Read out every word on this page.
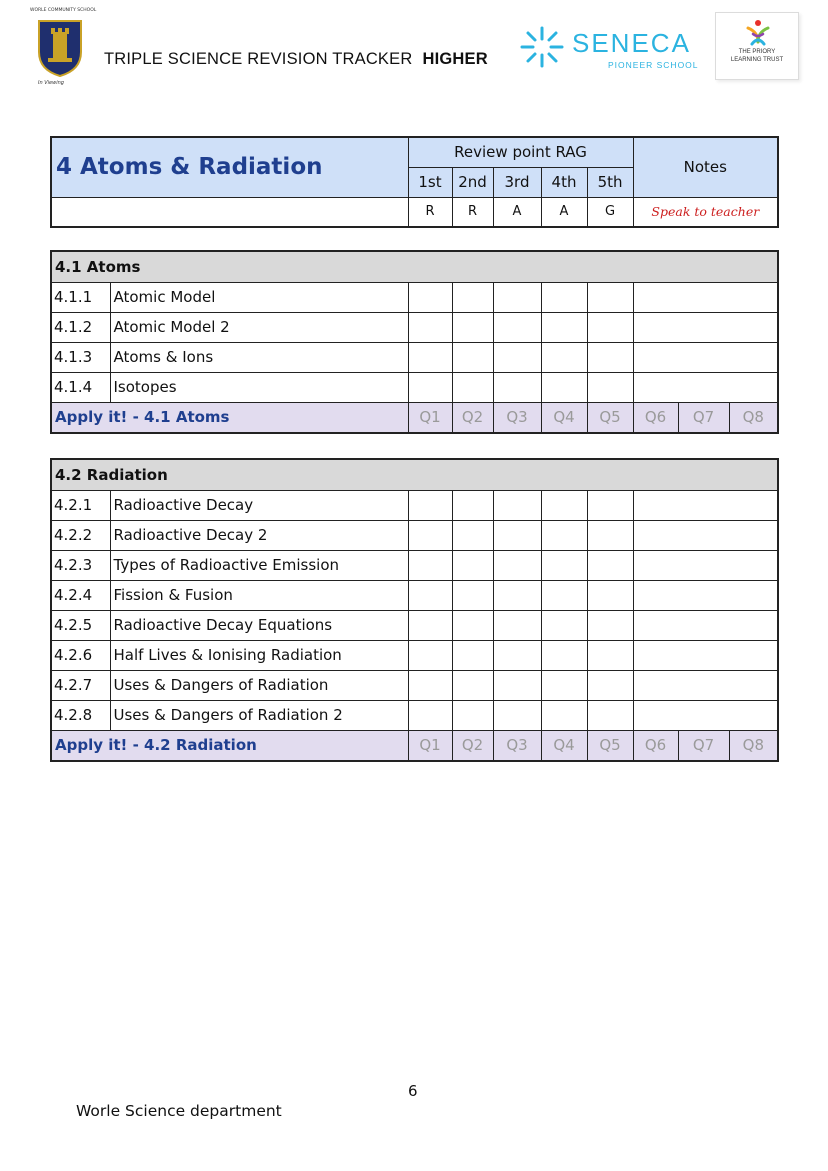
WORLE COMMUNITY SCHOOL
In Viewing
TRIPLE SCIENCE REVISION TRACKER HIGHER
SENECA
PIONEER SCHOOL
THE PRIORY
LEARNING TRUST
4 Atoms & Radiation	Review point RAG					Notes
	1st	2nd	3rd	4th	5th	
	R	R	A	A	G	Speak to teacher
4.1 Atoms									
4.1.1	Atomic Model								
4.1.2	Atomic Model 2								
4.1.3	Atoms & Ions								
4.1.4	Isotopes								
Apply it! - 4.1 Atoms		Q1	Q2	Q3	Q4	Q5	Q6	Q7	Q8
4.2 Radiation									
4.2.1	Radioactive Decay								
4.2.2	Radioactive Decay 2								
4.2.3	Types of Radioactive Emission								
4.2.4	Fission & Fusion								
4.2.5	Radioactive Decay Equations								
4.2.6	Half Lives & Ionising Radiation								
4.2.7	Uses & Dangers of Radiation								
4.2.8	Uses & Dangers of Radiation 2								
Apply it! - 4.2 Radiation		Q1	Q2	Q3	Q4	Q5	Q6	Q7	Q8
6
Worle Science department
